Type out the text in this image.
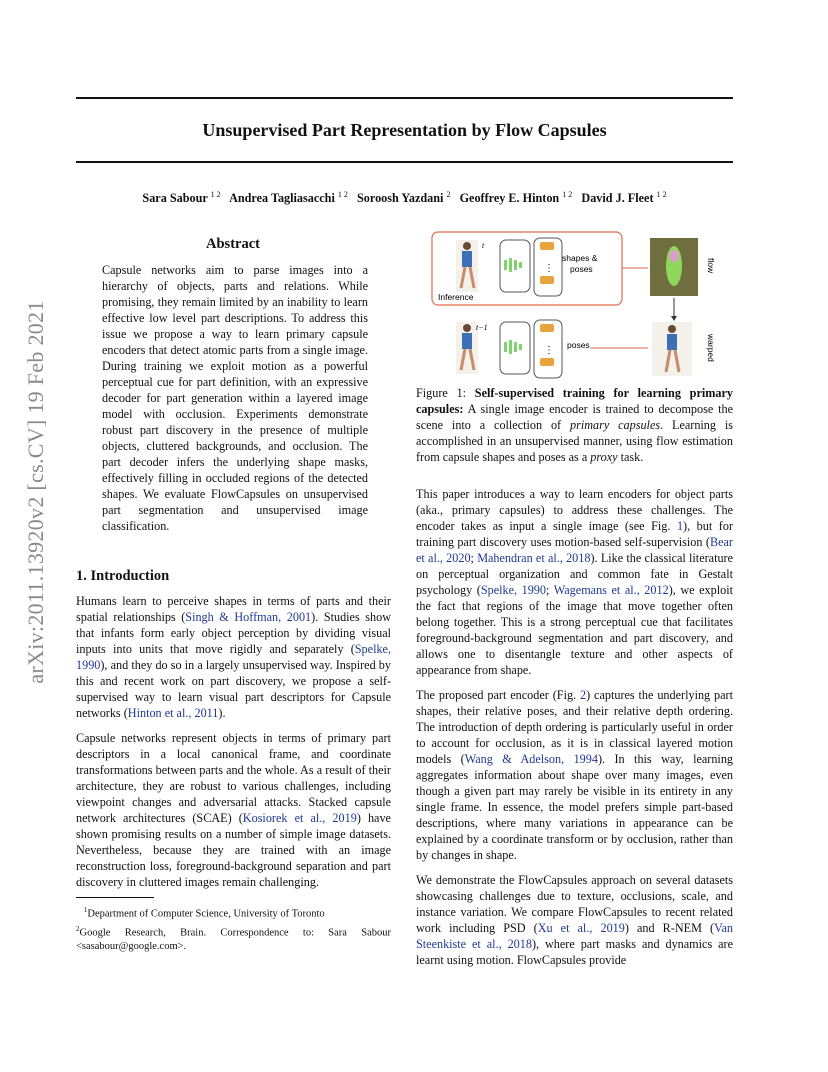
Unsupervised Part Representation by Flow Capsules
Sara Sabour $^{1 2}$ Andrea Tagliasacchi $^{1 2}$ Soroosh Yazdani $^2$ Geoffrey E. Hinton $^{1 2}$ David J. Fleet $^{1 2}$
arXiv:2011.13920v2 [cs.CV] 19 Feb 2021
Abstract
Capsule networks aim to parse images into a hierarchy of objects, parts and relations. While promising, they remain limited by an inability to learn effective low level part descriptions. To address this issue we propose a way to learn primary capsule encoders that detect atomic parts from a single image. During training we exploit motion as a powerful perceptual cue for part definition, with an expressive decoder for part generation within a layered image model with occlusion. Experiments demonstrate robust part discovery in the presence of multiple objects, cluttered backgrounds, and occlusion. The part decoder infers the underlying shape masks, effectively filling in occluded regions of the detected shapes. We evaluate FlowCapsules on unsupervised part segmentation and unsupervised image classification.
1. Introduction

Humans learn to perceive shapes in terms of parts and their spatial relationships (Singh & Hoffman, 2001). Studies show that infants form early object perception by dividing visual inputs into units that move rigidly and separately (Spelke, 1990), and they do so in a largely unsupervised way. Inspired by this and recent work on part discovery, we propose a self-supervised way to learn visual part descriptors for Capsule networks (Hinton et al., 2011).

Capsule networks represent objects in terms of primary part descriptors in a local canonical frame, and coordinate transformations between parts and the whole. As a result of their architecture, they are robust to various challenges, including viewpoint changes and adversarial attacks. Stacked capsule network architectures (SCAE) (Kosiorek et al., 2019) have shown promising results on a number of simple image datasets. Nevertheless, because they are trained with an image reconstruction loss, foreground-background separation and part discovery in cluttered images remain challenging.

$^1$Department of Computer Science, University of Toronto
$^2$Google Research, Brain. Correspondence to: Sara Sabour <sasabour@google.com>.
t
⋮
shapes &
poses
Inference
flow
t−1
⋮ poses	warped
Figure 1: Self-supervised training for learning primary capsules: A single image encoder is trained to decompose the scene into a collection of primary capsules. Learning is accomplished in an unsupervised manner, using flow estimation from capsule shapes and poses as a proxy task.

This paper introduces a way to learn encoders for object parts (aka., primary capsules) to address these challenges. The encoder takes as input a single image (see Fig. 1), but for training part discovery uses motion-based self-supervision (Bear et al., 2020; Mahendran et al., 2018). Like the classical literature on perceptual organization and common fate in Gestalt psychology (Spelke, 1990; Wagemans et al., 2012), we exploit the fact that regions of the image that move together often belong together. This is a strong perceptual cue that facilitates foreground-background segmentation and part discovery, and allows one to disentangle texture and other aspects of appearance from shape.

The proposed part encoder (Fig. 2) captures the underlying part shapes, their relative poses, and their relative depth ordering. The introduction of depth ordering is particularly useful in order to account for occlusion, as it is in classical layered motion models (Wang & Adelson, 1994). In this way, learning aggregates information about shape over many images, even though a given part may rarely be visible in its entirety in any single frame. In essence, the model prefers simple part-based descriptions, where many variations in appearance can be explained by a coordinate transform or by occlusion, rather than by changes in shape.

We demonstrate the FlowCapsules approach on several datasets showcasing challenges due to texture, occlusions, scale, and instance variation. We compare FlowCapsules to recent related work including PSD (Xu et al., 2019) and R-NEM (Van Steenkiste et al., 2018), where part masks and dynamics are learnt using motion. FlowCapsules provide
